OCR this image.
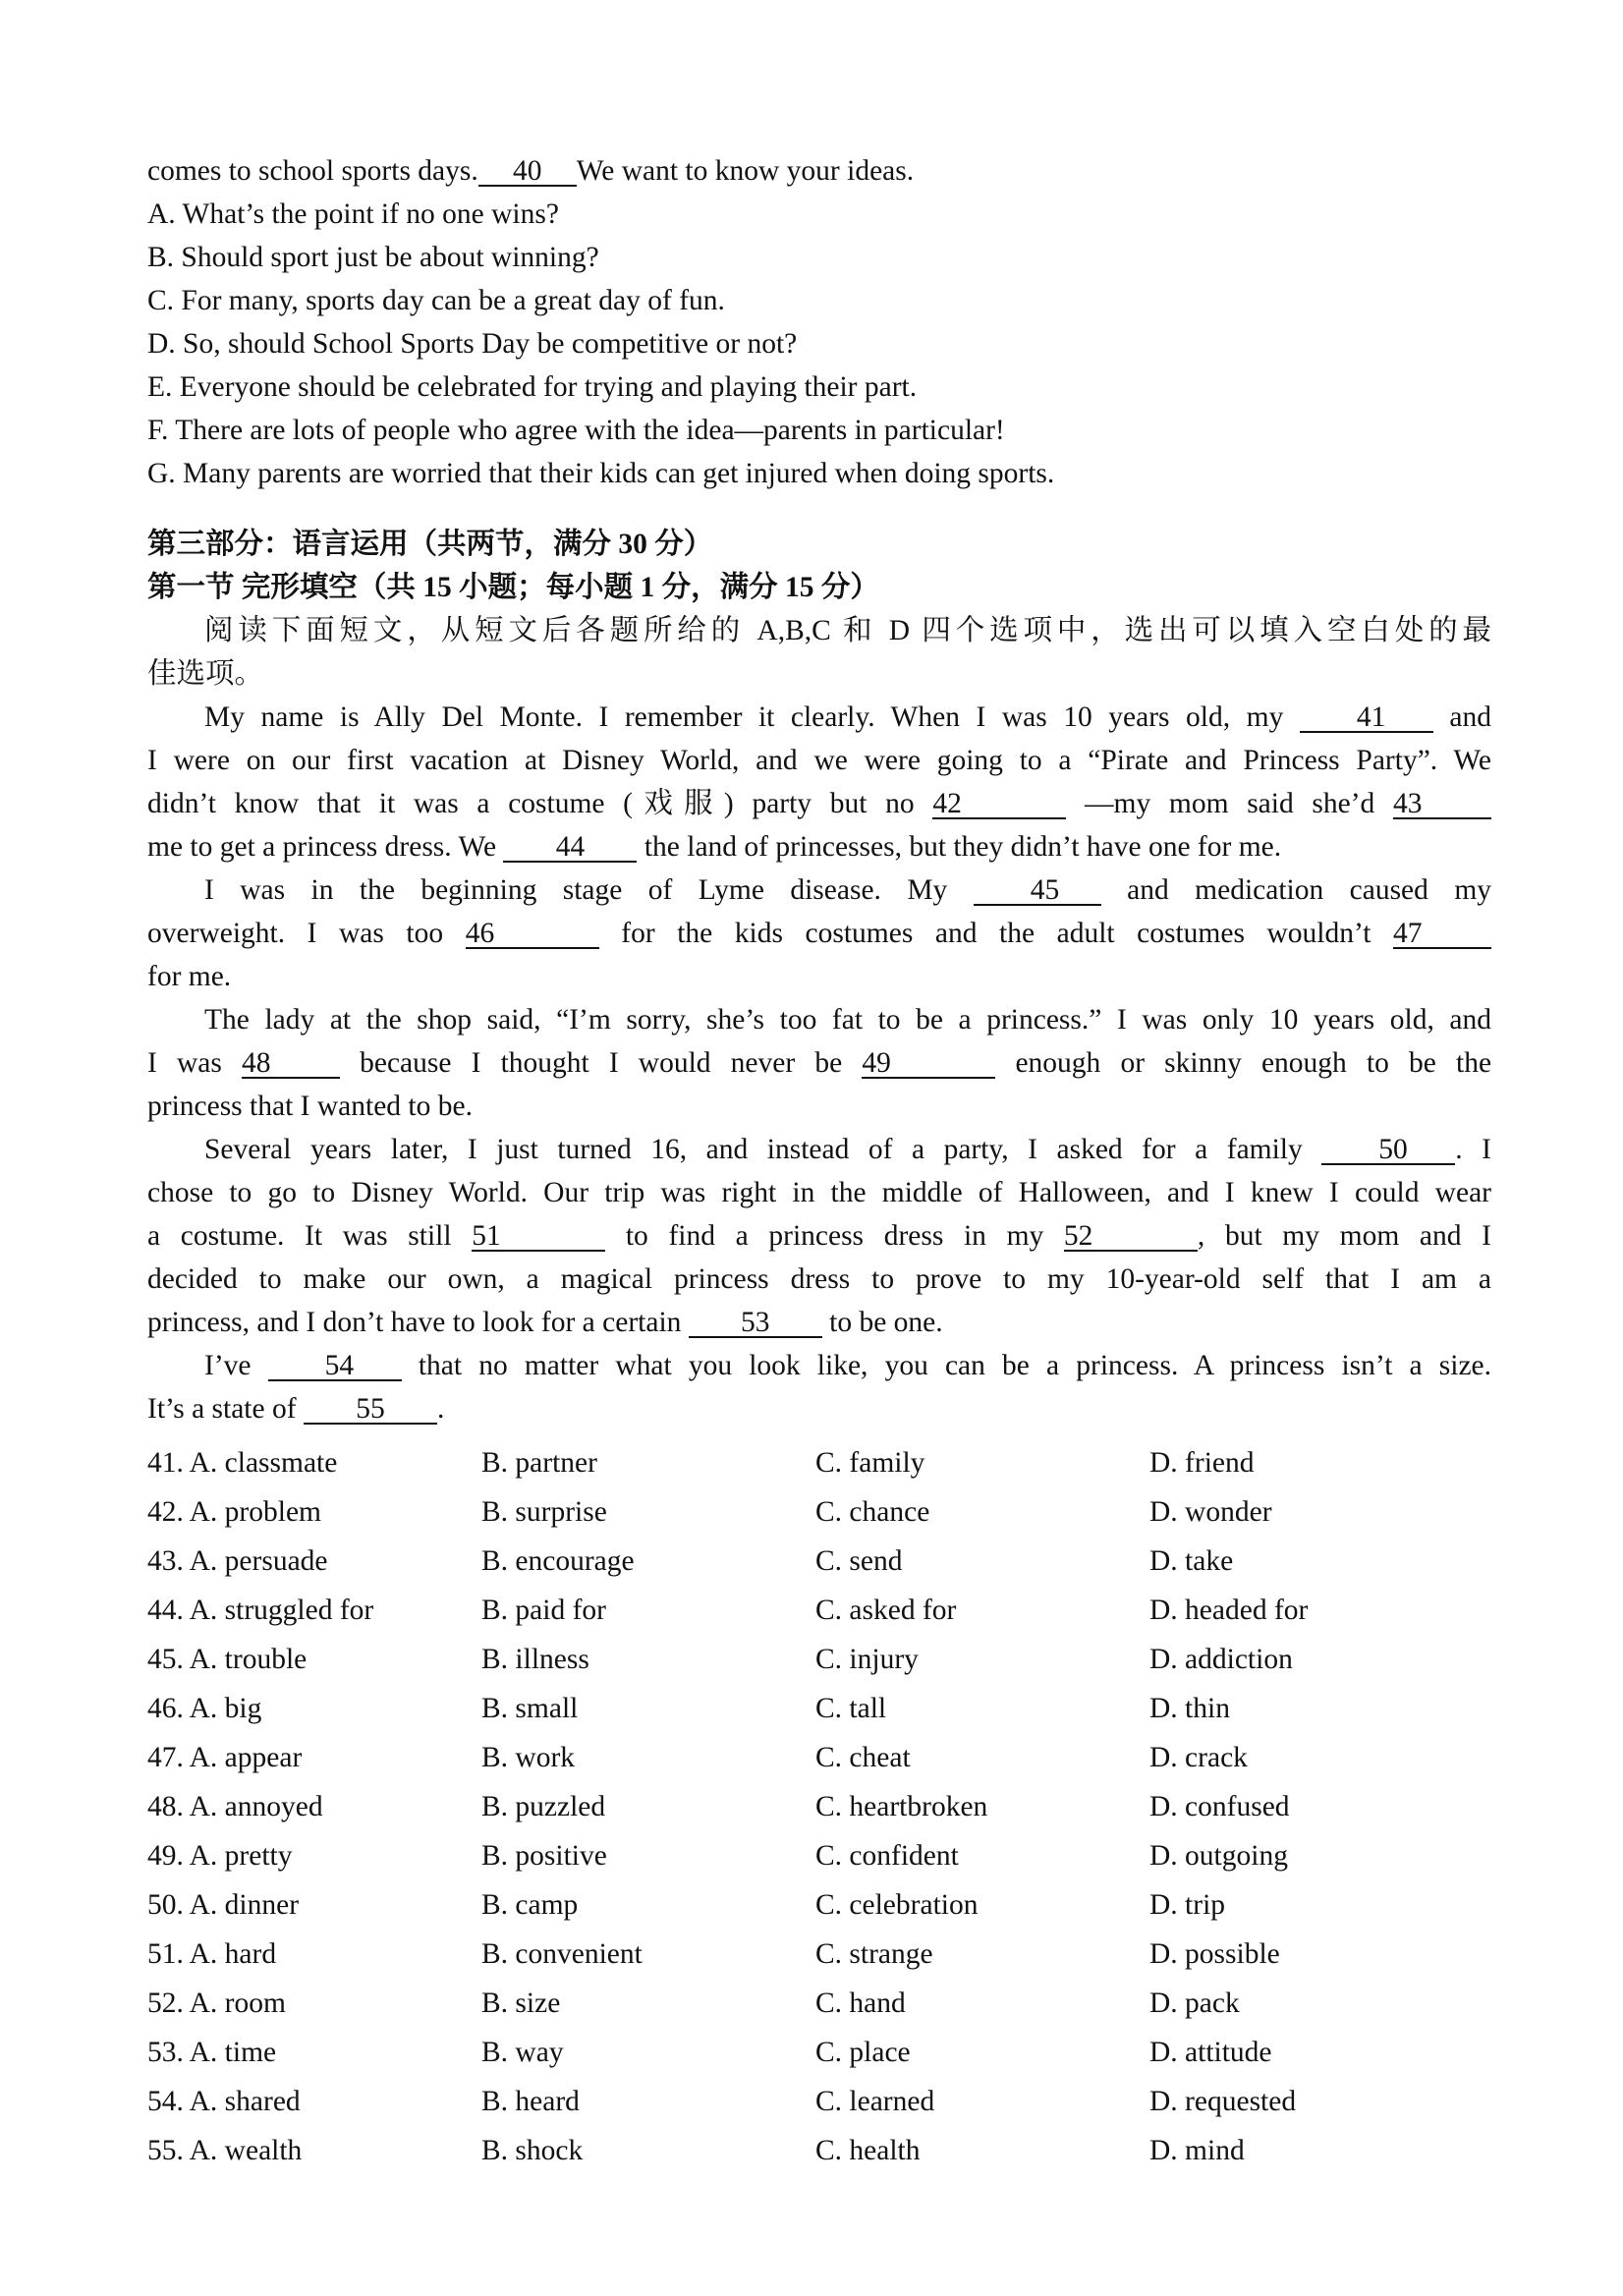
comes to school sports days. 40 We want to know your ideas.
A. What’s the point if no one wins?
B. Should sport just be about winning?
C. For many, sports day can be a great day of fun.
D. So, should School Sports Day be competitive or not?
E. Everyone should be celebrated for trying and playing their part.
F. There are lots of people who agree with the idea—parents in particular!
G. Many parents are worried that their kids can get injured when doing sports.
第三部分：语言运用（共两节，满分 30 分）
第一节 完形填空（共 15 小题；每小题 1 分，满分 15 分）
阅读下面短文，从短文后各题所给的 A,B,C 和 D 四个选项中，选出可以填入空白处的最
佳选项。
My name is Ally Del Monte. I remember it clearly. When I was 10 years old, my	41 and
I were on our first vacation at Disney World, and we were going to a “Pirate and Princess Party”. We
didn’t know that it was a costume (戏服) party but no 42	—my mom said she’d 43
me to get a princess dress. We 44 the land of princesses, but they didn’t have one for me.
I was in the beginning stage of Lyme disease. My	45 and medication caused my
overweight. I was too 46	for the kids costumes and the adult costumes wouldn’t 47
for me.
The lady at the shop said, “I’m sorry, she’s too fat to be a princess.” I was only 10 years old, and
I was 48	because I thought I would never be 49	enough or skinny enough to be the
princess that I wanted to be.
Several years later, I just turned 16, and instead of a party, I asked for a family	50 . I
chose to go to Disney World. Our trip was right in the middle of Halloween, and I knew I could wear
a costume. It was still 51	to find a princess dress in my 52	, but my mom and I
decided to make our own, a magical princess dress to prove to my 10-year-old self that I am a
princess, and I don’t have to look for a certain 53 to be one.
I’ve	54 that no matter what you look like, you can be a princess. A princess isn’t a size.
It’s a state of 55 .
41. A. classmate	B. partner	C. family	D. friend
42. A. problem	B. surprise	C. chance	D. wonder
43. A. persuade	B. encourage	C. send	D. take
44. A. struggled for	B. paid for	C. asked for	D. headed for
45. A. trouble	B. illness	C. injury	D. addiction
46. A. big	B. small	C. tall	D. thin
47. A. appear	B. work	C. cheat	D. crack
48. A. annoyed	B. puzzled	C. heartbroken	D. confused
49. A. pretty	B. positive	C. confident	D. outgoing
50. A. dinner	B. camp	C. celebration	D. trip
51. A. hard	B. convenient	C. strange	D. possible
52. A. room	B. size	C. hand	D. pack
53. A. time	B. way	C. place	D. attitude
54. A. shared	B. heard	C. learned	D. requested
55. A. wealth	B. shock	C. health	D. mind
